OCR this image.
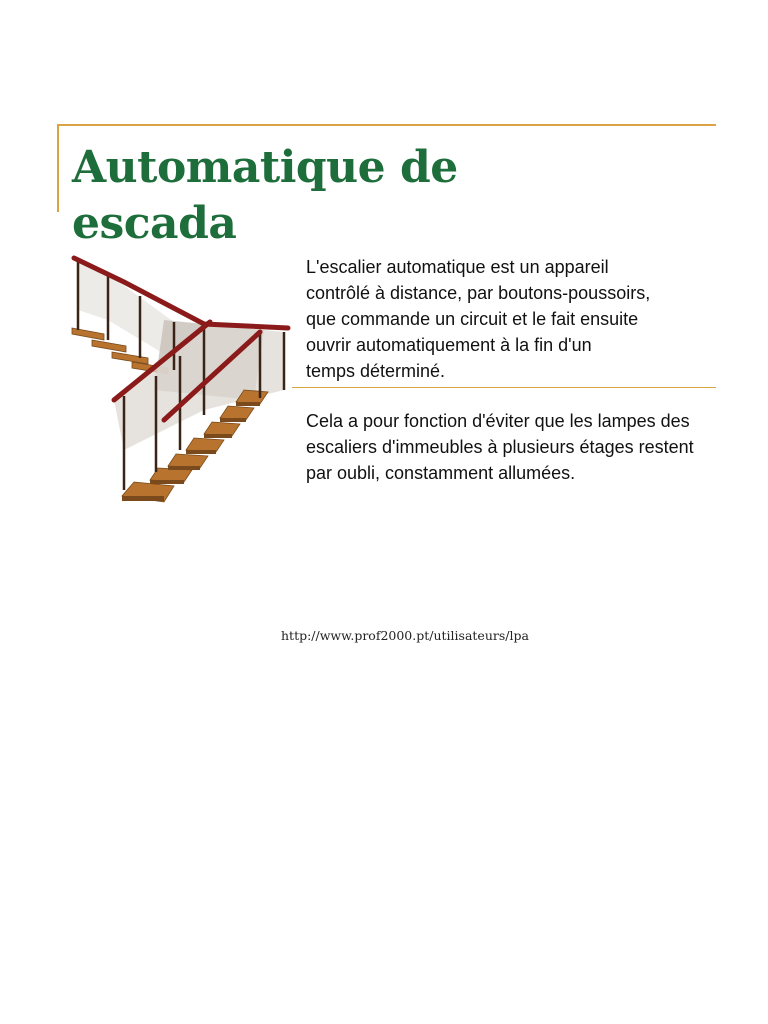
Automatique de
escada

L'escalier automatique est un appareil
contrôlé à distance, par boutons-poussoirs,
que commande un circuit et le fait ensuite
ouvrir automatiquement à la fin d'un
temps déterminé.

Cela a pour fonction d'éviter que les lampes des
escaliers d'immeubles à plusieurs étages restent
par oubli, constamment allumées.

http://www.prof2000.pt/utilisateurs/lpa
